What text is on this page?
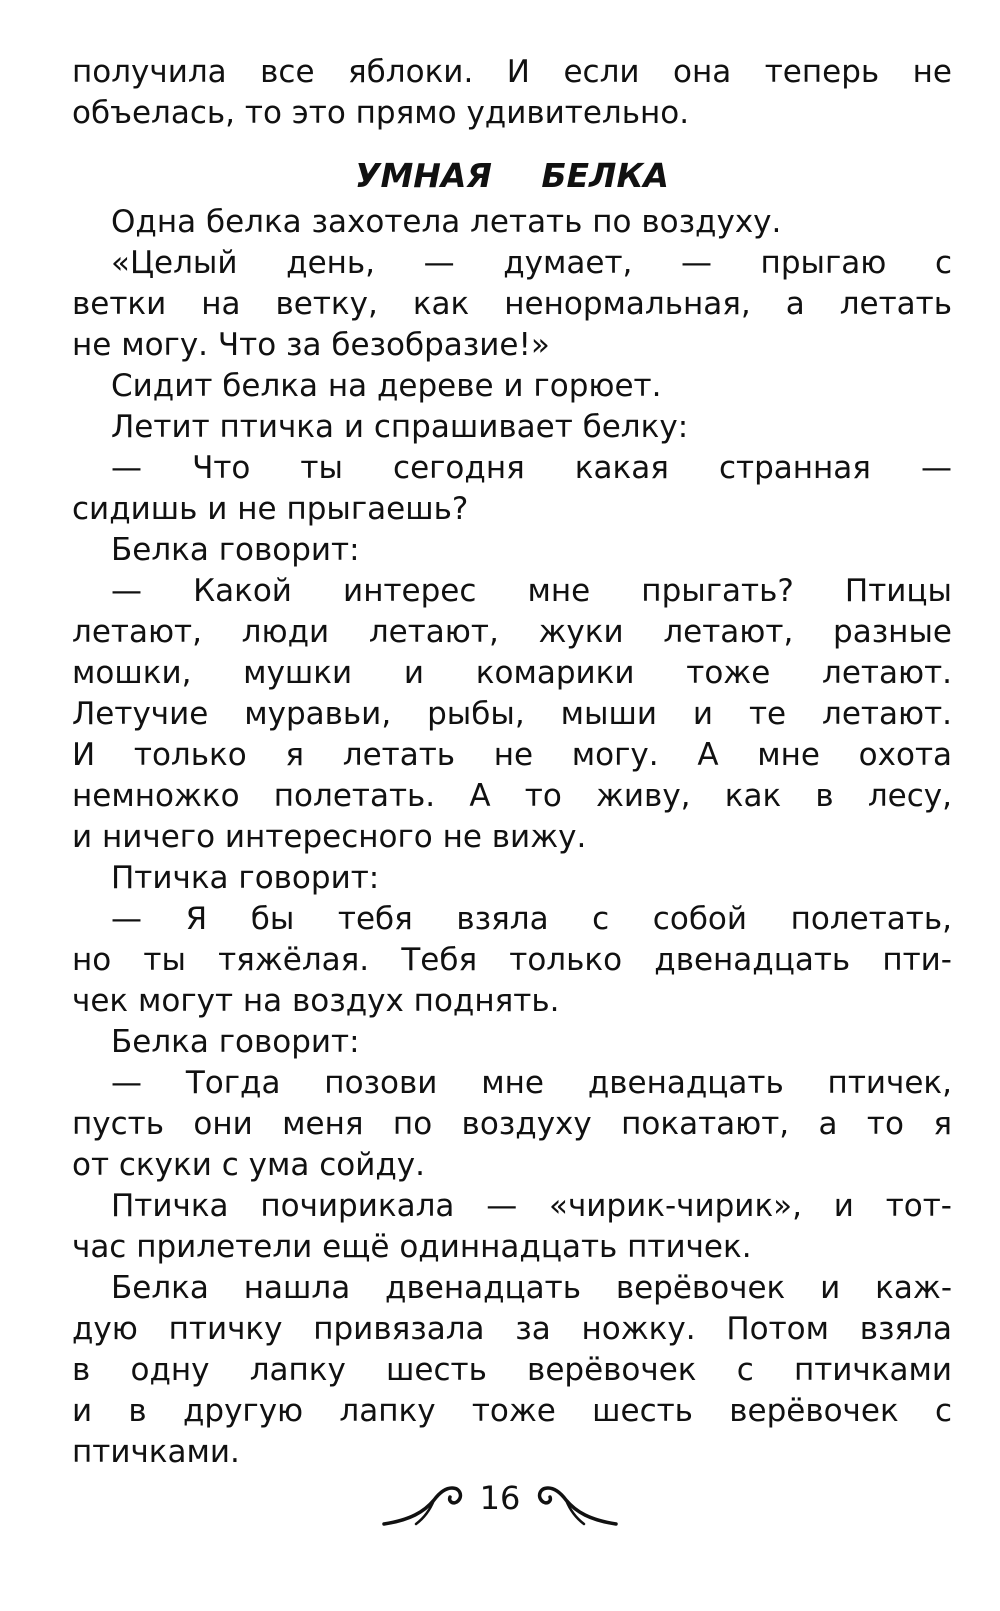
получила все яблоки. И если она теперь не
объелась, то это прямо удивительно.
УМНАЯ БЕЛКА
Одна белка захотела летать по воздуху.
«Целый день, — думает, — прыгаю с
ветки на ветку, как ненормальная, а летать
не могу. Что за безобразие!»
Сидит белка на дереве и горюет.
Летит птичка и спрашивает белку:
— Что ты сегодня какая странная —
сидишь и не прыгаешь?
Белка говорит:
— Какой интерес мне прыгать? Птицы
летают, люди летают, жуки летают, разные
мошки, мушки и комарики тоже летают.
Летучие муравьи, рыбы, мыши и те летают.
И только я летать не могу. А мне охота
немножко полетать. А то живу, как в лесу,
и ничего интересного не вижу.
Птичка говорит:
— Я бы тебя взяла с собой полетать,
но ты тяжёлая. Тебя только двенадцать пти-
чек могут на воздух поднять.
Белка говорит:
— Тогда позови мне двенадцать птичек,
пусть они меня по воздуху покатают, а то я
от скуки с ума сойду.
Птичка почирикала — «чирик-чирик», и тот-
час прилетели ещё одиннадцать птичек.
Белка нашла двенадцать верёвочек и каж-
дую птичку привязала за ножку. Потом взяла
в одну лапку шесть верёвочек с птичками
и в другую лапку тоже шесть верёвочек с
птичками.
16
